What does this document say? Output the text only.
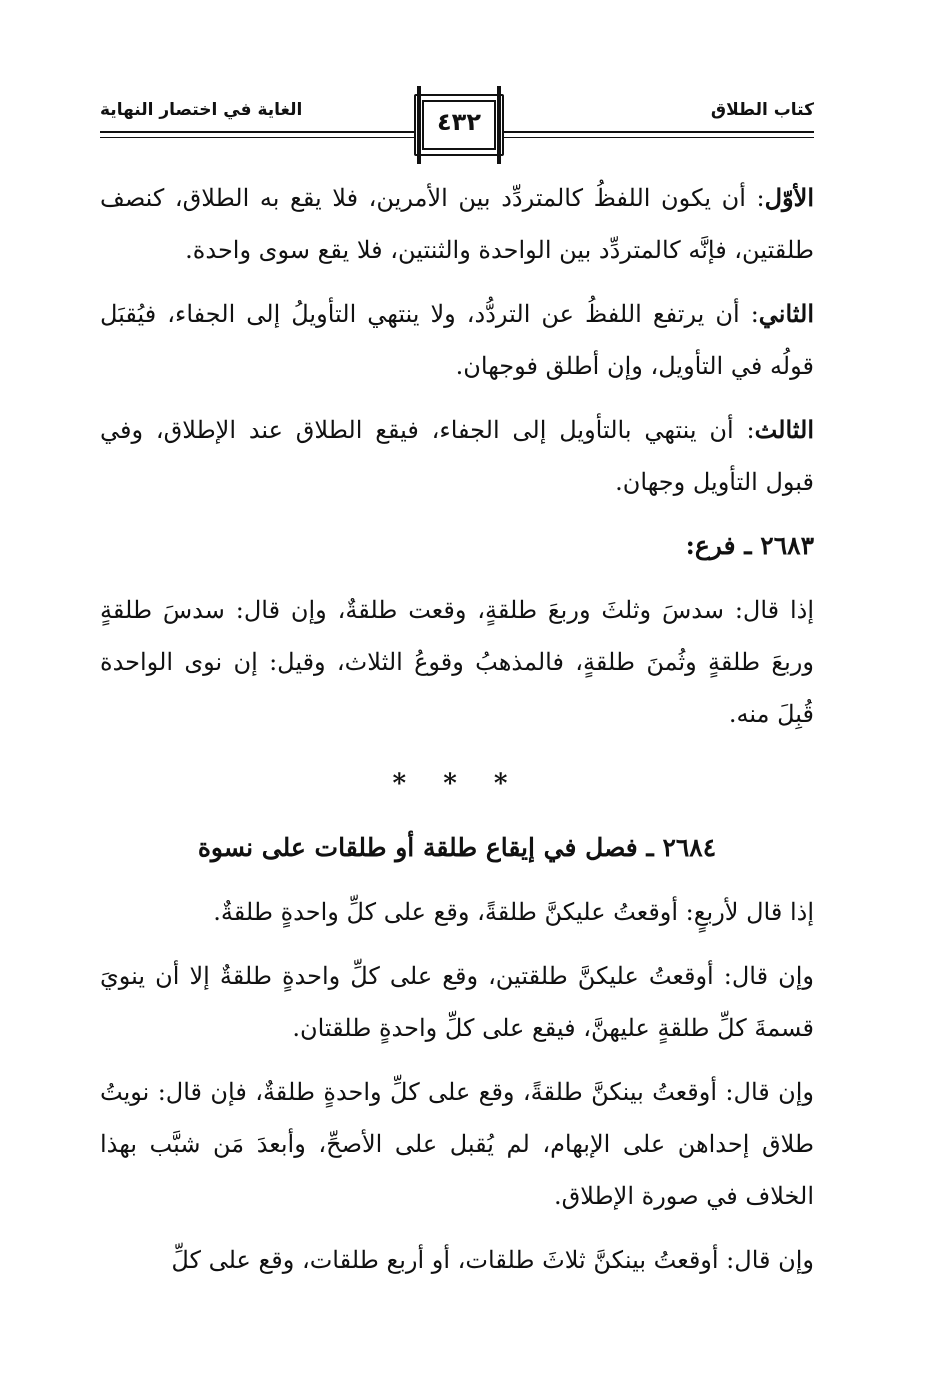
كتاب الطلاق
الغاية في اختصار النهاية	٤٣٢

الأوّل: أن يكون اللفظُ كالمتردِّد بين الأمرين، فلا يقع به الطلاق، كنصف طلقتين، فإنَّه كالمتردِّد بين الواحدة والثنتين، فلا يقع سوى واحدة.

الثاني: أن يرتفع اللفظُ عن التردُّد، ولا ينتهي التأويلُ إلى الجفاء، فيُقبَل قولُه في التأويل، وإن أطلق فوجهان.

الثالث: أن ينتهي بالتأويل إلى الجفاء، فيقع الطلاق عند الإطلاق، وفي قبول التأويل وجهان.

٢٦٨٣ ـ فرع:

إذا قال: سدسَ وثلثَ وربعَ طلقةٍ، وقعت طلقةٌ، وإن قال: سدسَ طلقةٍ وربعَ طلقةٍ وثُمنَ طلقةٍ، فالمذهبُ وقوعُ الثلاث، وقيل: إن نوى الواحدة قُبِلَ منه.

* * *
٢٦٨٤ ـ فصل في إيقاع طلقة أو طلقات على نسوة

إذا قال لأربعٍ: أوقعتُ عليكنَّ طلقةً، وقع على كلِّ واحدةٍ طلقةٌ.

وإن قال: أوقعتُ عليكنَّ طلقتين، وقع على كلِّ واحدةٍ طلقةٌ إلا أن ينويَ قسمةَ كلِّ طلقةٍ عليهنَّ، فيقع على كلِّ واحدةٍ طلقتان.

وإن قال: أوقعتُ بينكنَّ طلقةً، وقع على كلِّ واحدةٍ طلقةٌ، فإن قال: نويتُ طلاق إحداهن على الإبهام، لم يُقبل على الأصحِّ، وأبعدَ مَن شبَّب بهذا الخلاف في صورة الإطلاق.

وإن قال: أوقعتُ بينكنَّ ثلاثَ طلقات، أو أربع طلقات، وقع على كلِّ
